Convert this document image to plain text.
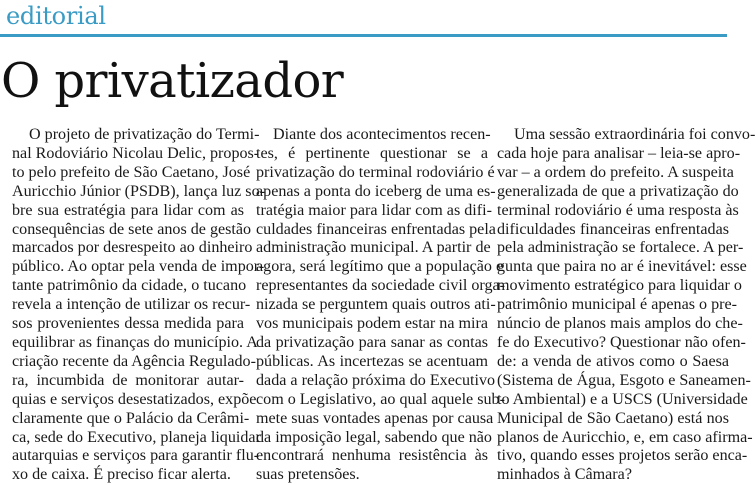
editorial
O privatizador
O projeto de privatização do Termi-
nal Rodoviário Nicolau Delic, propos-
to pelo prefeito de São Caetano, José
Auricchio Júnior (PSDB), lança luz so-
bre sua estratégia para lidar com as
consequências de sete anos de gestão
marcados por desrespeito ao dinheiro
público. Ao optar pela venda de impor-
tante patrimônio da cidade, o tucano
revela a intenção de utilizar os recur-
sos provenientes dessa medida para
equilibrar as finanças do município. A
criação recente da Agência Regulado-
ra, incumbida de monitorar autar-
quias e serviços desestatizados, expõe
claramente que o Palácio da Cerâmi-
ca, sede do Executivo, planeja liquidar
autarquias e serviços para garantir flu-
xo de caixa. É preciso ficar alerta.
Diante dos acontecimentos recen-
tes, é pertinente questionar se a
privatização do terminal rodoviário é
apenas a ponta do iceberg de uma es-
tratégia maior para lidar com as difi-
culdades financeiras enfrentadas pela
administração municipal. A partir de
agora, será legítimo que a população e
representantes da sociedade civil orga-
nizada se perguntem quais outros ati-
vos municipais podem estar na mira
da privatização para sanar as contas
públicas. As incertezas se acentuam
dada a relação próxima do Executivo
com o Legislativo, ao qual aquele sub-
mete suas vontades apenas por causa
da imposição legal, sabendo que não
encontrará nenhuma resistência às
suas pretensões.
Uma sessão extraordinária foi convo-
cada hoje para analisar – leia-se apro-
var – a ordem do prefeito. A suspeita
generalizada de que a privatização do
terminal rodoviário é uma resposta às
dificuldades financeiras enfrentadas
pela administração se fortalece. A per-
gunta que paira no ar é inevitável: esse
movimento estratégico para liquidar o
patrimônio municipal é apenas o pre-
núncio de planos mais amplos do che-
fe do Executivo? Questionar não ofen-
de: a venda de ativos como o Saesa
(Sistema de Água, Esgoto e Saneamen-
to Ambiental) e a USCS (Universidade
Municipal de São Caetano) está nos
planos de Auricchio, e, em caso afirma-
tivo, quando esses projetos serão enca-
minhados à Câmara?
